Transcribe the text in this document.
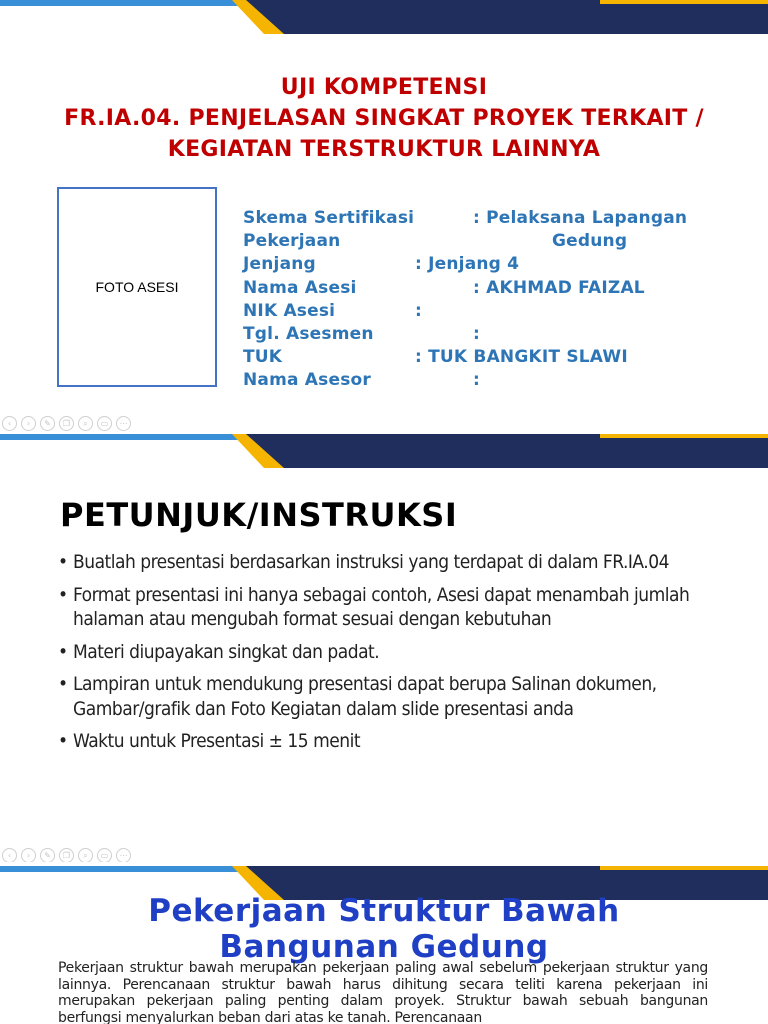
UJI KOMPETENSI
FR.IA.04. PENJELASAN SINGKAT PROYEK TERKAIT /
KEGIATAN TERSTRUKTUR LAINNYA
FOTO ASESI
Skema Sertifikasi	: Pelaksana Lapangan
Pekerjaan	Gedung
Jenjang	: Jenjang 4
Nama Asesi	: AKHMAD FAIZAL
NIK Asesi	:
Tgl. Asesmen	:
TUK	: TUK BANGKIT SLAWI
Nama Asesor	:
‹	›	✎	❐	⌕	▭	⋯
PETUNJUK/INSTRUKSI
• Buatlah presentasi berdasarkan instruksi yang terdapat di dalam FR.IA.04
• Format presentasi ini hanya sebagai contoh, Asesi dapat menambah jumlah halaman atau mengubah format sesuai dengan kebutuhan
• Materi diupayakan singkat dan padat.
• Lampiran untuk mendukung presentasi dapat berupa Salinan dokumen, Gambar/grafik dan Foto Kegiatan dalam slide presentasi anda
• Waktu untuk Presentasi ± 15 menit
‹	›	✎	❐	⌕	▭	⋯
Pekerjaan Struktur Bawah
Bangunan Gedung

Pekerjaan struktur bawah merupakan pekerjaan paling awal sebelum pekerjaan struktur yang lainnya. Perencanaan struktur bawah harus dihitung secara teliti karena pekerjaan ini merupakan pekerjaan paling penting dalam proyek. Struktur bawah sebuah bangunan berfungsi menyalurkan beban dari atas ke tanah. Perencanaan
